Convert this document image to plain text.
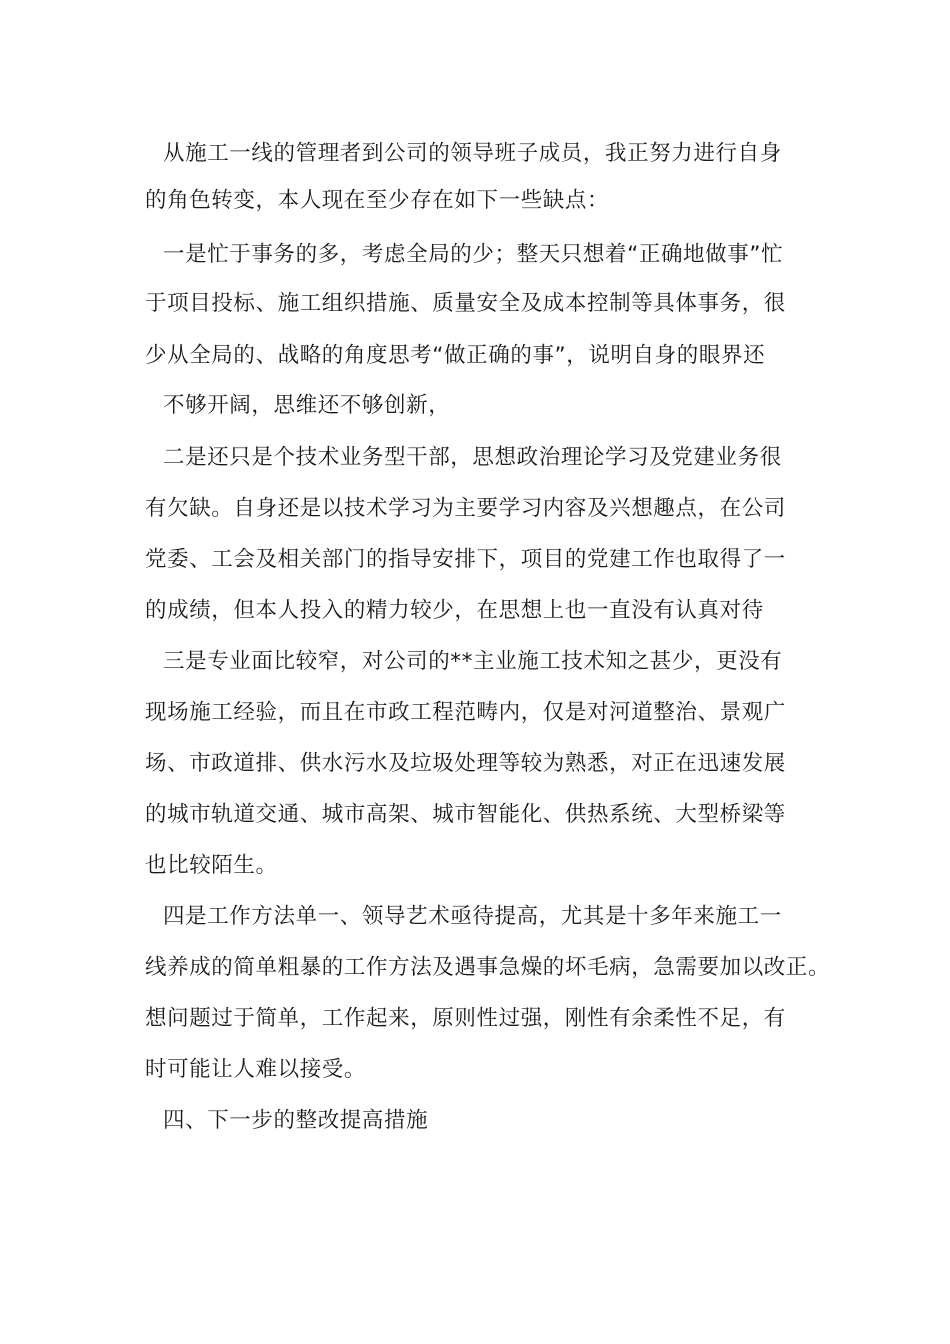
从施工一线的管理者到公司的领导班子成员，我正努力进行自身

的角色转变，本人现在至少存在如下一些缺点：

一是忙于事务的多，考虑全局的少；整天只想着“正确地做事”忙

于项目投标、施工组织措施、质量安全及成本控制等具体事务，很

少从全局的、战略的角度思考“做正确的事”，说明自身的眼界还

不够开阔，思维还不够创新，

二是还只是个技术业务型干部，思想政治理论学习及党建业务很

有欠缺。自身还是以技术学习为主要学习内容及兴想趣点，在公司

党委、工会及相关部门的指导安排下，项目的党建工作也取得了一

的成绩，但本人投入的精力较少，在思想上也一直没有认真对待

三是专业面比较窄，对公司的**主业施工技术知之甚少，更没有

现场施工经验，而且在市政工程范畴内，仅是对河道整治、景观广

场、市政道排、供水污水及垃圾处理等较为熟悉，对正在迅速发展

的城市轨道交通、城市高架、城市智能化、供热系统、大型桥梁等

也比较陌生。

四是工作方法单一、领导艺术亟待提高，尤其是十多年来施工一

线养成的简单粗暴的工作方法及遇事急燥的坏毛病，急需要加以改正。

想问题过于简单，工作起来，原则性过强，刚性有余柔性不足，有

时可能让人难以接受。

四、下一步的整改提高措施
